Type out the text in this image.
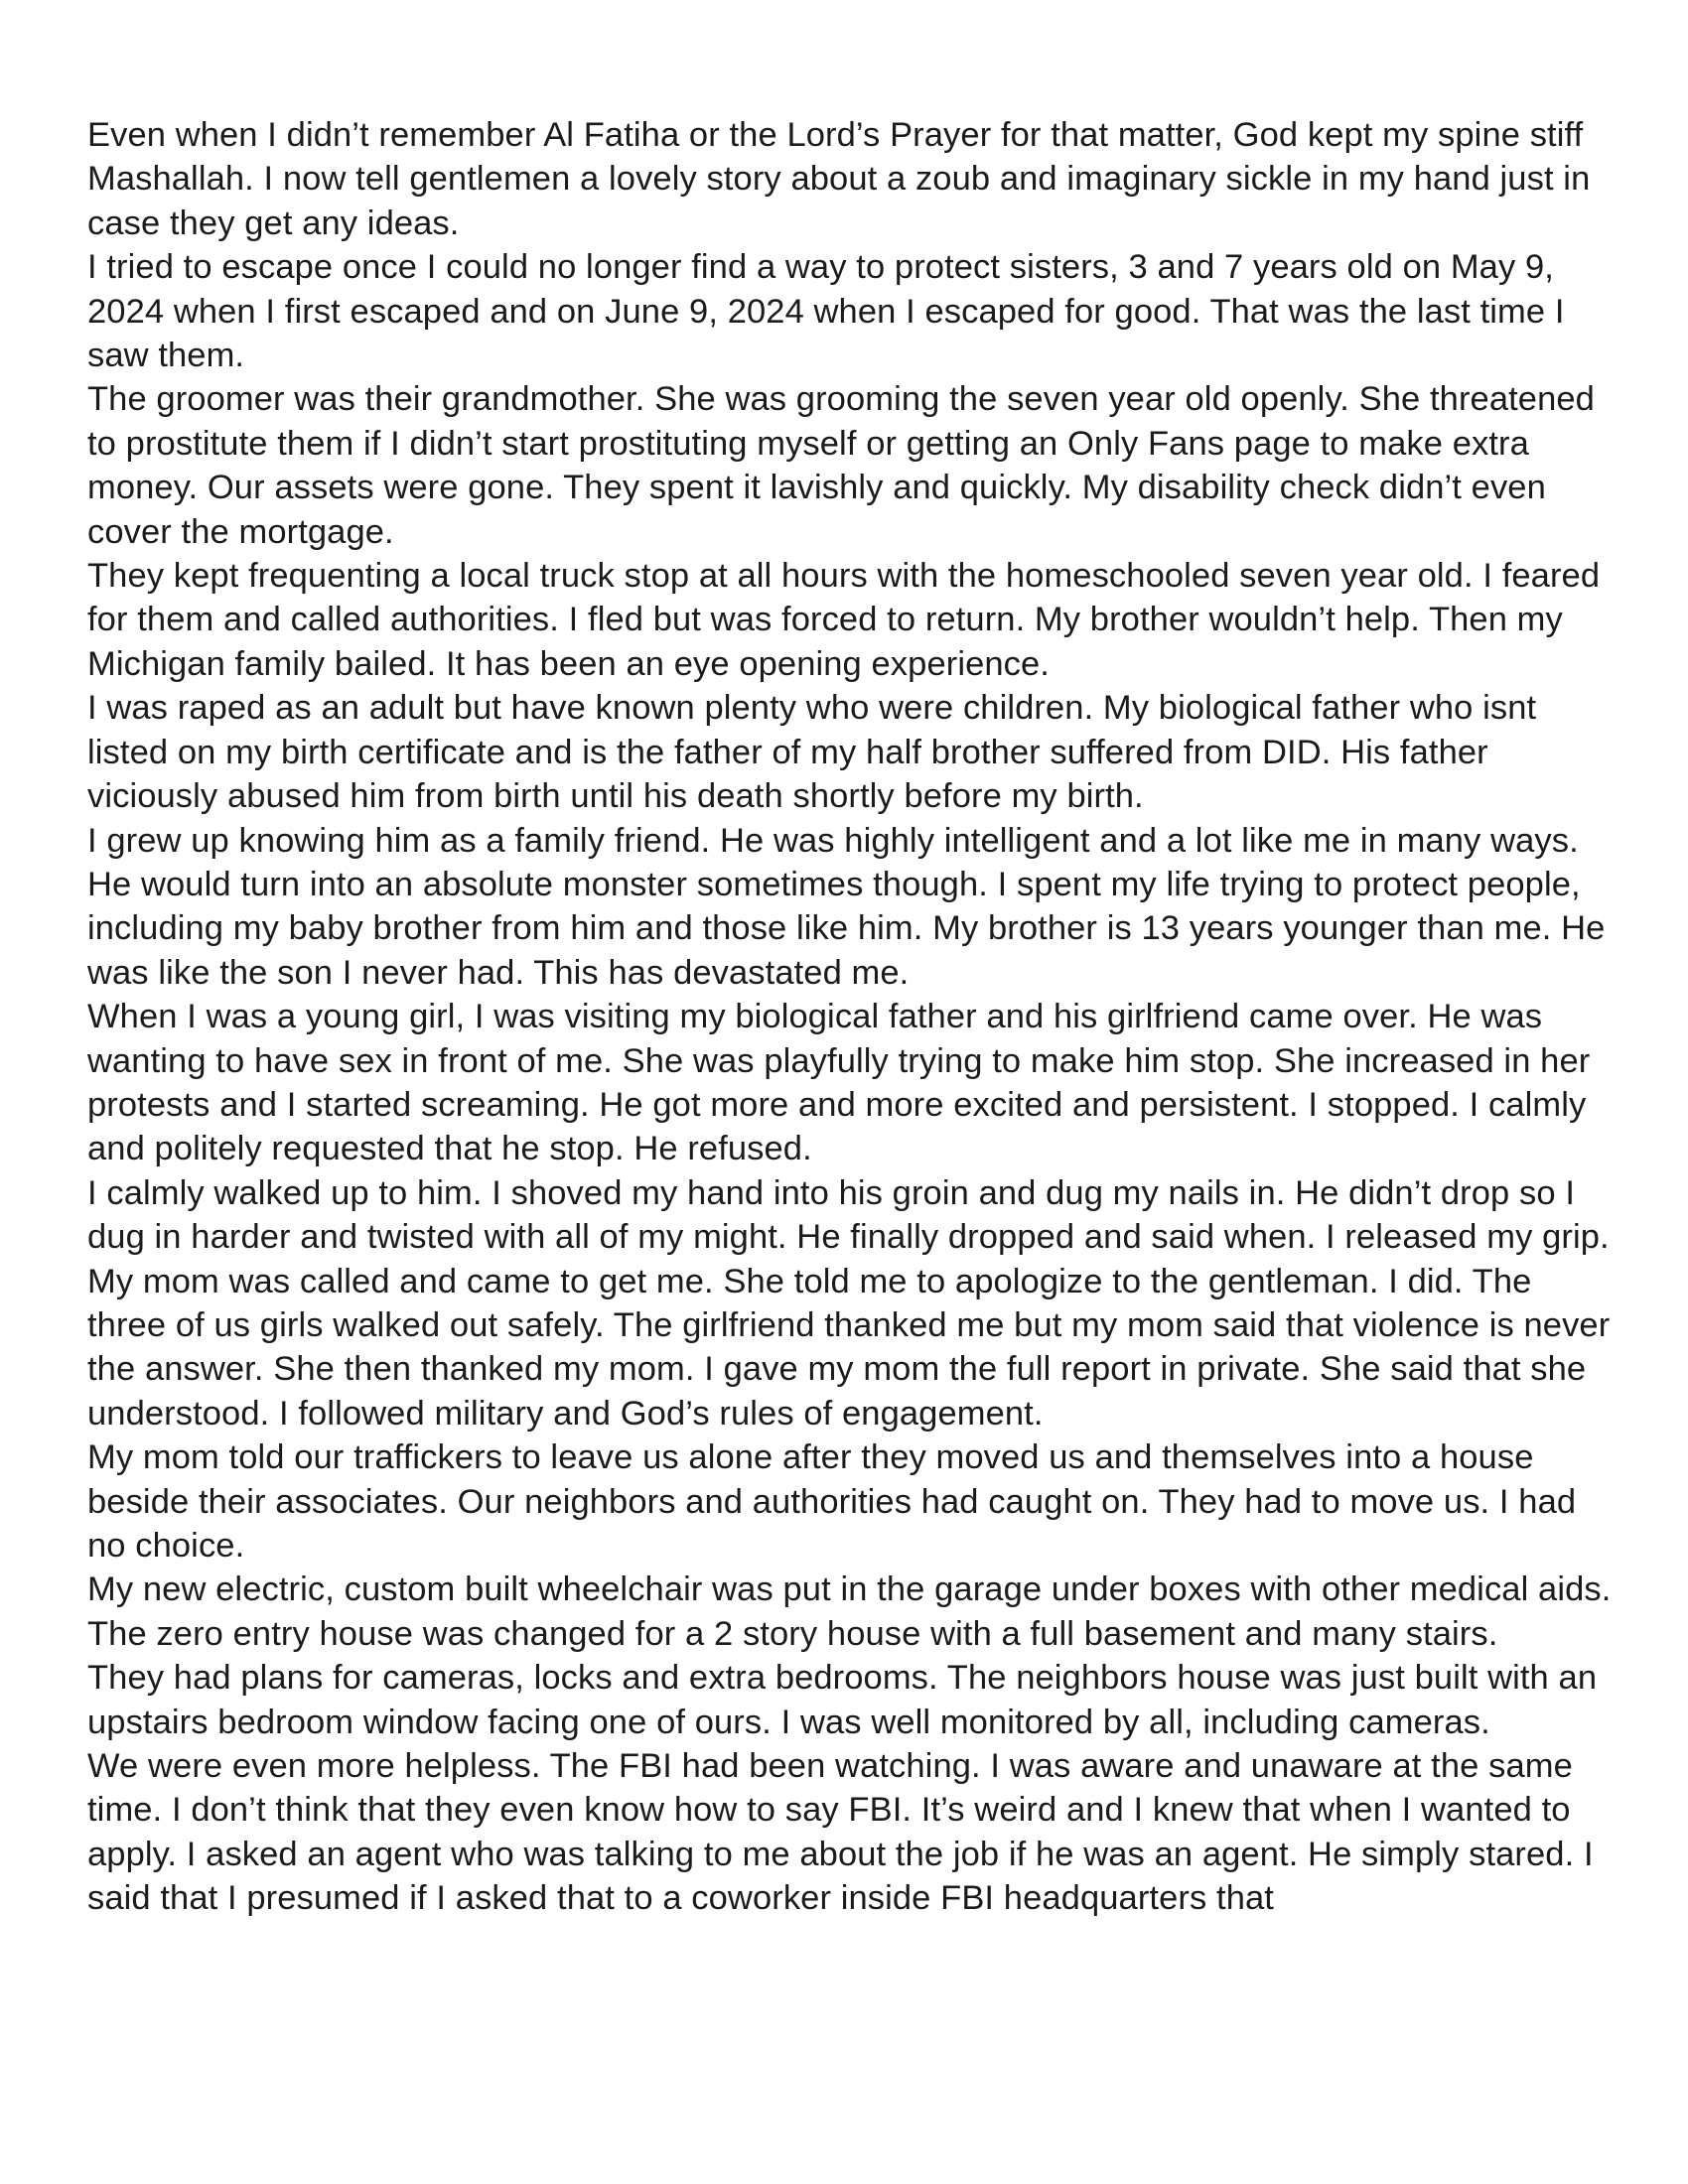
Even when I didn’t remember Al Fatiha or the Lord’s Prayer for that matter, God kept my spine stiff Mashallah. I now tell gentlemen a lovely story about a zoub and imaginary sickle in my hand just in case they get any ideas.

I tried to escape once I could no longer find a way to protect sisters, 3 and 7 years old on May 9, 2024 when I first escaped and on June 9, 2024 when I escaped for good. That was the last time I saw them.

The groomer was their grandmother. She was grooming the seven year old openly. She threatened to prostitute them if I didn’t start prostituting myself or getting an Only Fans page to make extra money. Our assets were gone. They spent it lavishly and quickly. My disability check didn’t even cover the mortgage.

They kept frequenting a local truck stop at all hours with the homeschooled seven year old. I feared for them and called authorities. I fled but was forced to return. My brother wouldn’t help. Then my Michigan family bailed. It has been an eye opening experience.

I was raped as an adult but have known plenty who were children. My biological father who isnt listed on my birth certificate and is the father of my half brother suffered from DID. His father viciously abused him from birth until his death shortly before my birth.

I grew up knowing him as a family friend. He was highly intelligent and a lot like me in many ways. He would turn into an absolute monster sometimes though. I spent my life trying to protect people, including my baby brother from him and those like him. My brother is 13 years younger than me. He was like the son I never had. This has devastated me.

When I was a young girl, I was visiting my biological father and his girlfriend came over. He was wanting to have sex in front of me. She was playfully trying to make him stop. She increased in her protests and I started screaming. He got more and more excited and persistent. I stopped. I calmly and politely requested that he stop. He refused.

I calmly walked up to him. I shoved my hand into his groin and dug my nails in. He didn’t drop so I dug in harder and twisted with all of my might. He finally dropped and said when. I released my grip.

My mom was called and came to get me. She told me to apologize to the gentleman. I did. The three of us girls walked out safely. The girlfriend thanked me but my mom said that violence is never the answer. She then thanked my mom. I gave my mom the full report in private. She said that she understood. I followed military and God’s rules of engagement.

My mom told our traffickers to leave us alone after they moved us and themselves into a house beside their associates. Our neighbors and authorities had caught on. They had to move us. I had no choice.

My new electric, custom built wheelchair was put in the garage under boxes with other medical aids. The zero entry house was changed for a 2 story house with a full basement and many stairs.

They had plans for cameras, locks and extra bedrooms. The neighbors house was just built with an upstairs bedroom window facing one of ours. I was well monitored by all, including cameras.

We were even more helpless. The FBI had been watching. I was aware and unaware at the same time. I don’t think that they even know how to say FBI. It’s weird and I knew that when I wanted to apply. I asked an agent who was talking to me about the job if he was an agent. He simply stared. I said that I presumed if I asked that to a coworker inside FBI headquarters that
